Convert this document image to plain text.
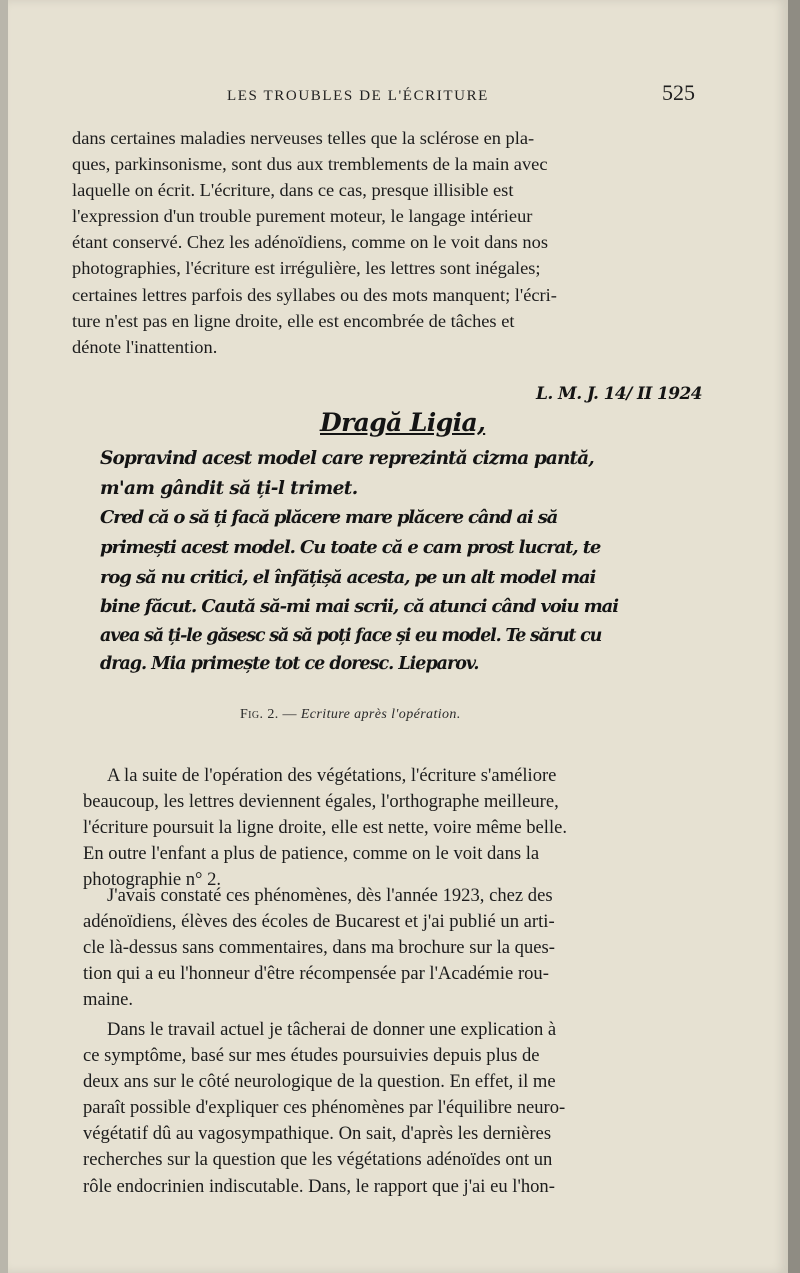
LES TROUBLES DE L'ÉCRITURE	525

dans certaines maladies nerveuses telles que la sclérose en pla-
ques, parkinsonisme, sont dus aux tremblements de la main avec
laquelle on écrit. L'écriture, dans ce cas, presque illisible est
l'expression d'un trouble purement moteur, le langage intérieur
étant conservé. Chez les adénoïdiens, comme on le voit dans nos
photographies, l'écriture est irrégulière, les lettres sont inégales;
certaines lettres parfois des syllabes ou des mots manquent; l'écri-
ture n'est pas en ligne droite, elle est encombrée de tâches et
dénote l'inattention.

L. M. J. 14/ II 1924
Dragă Ligia,
Sopravind acest model care reprezintă cizma pantă,
m'am gândit să ți-l trimet.
Cred că o să ți facă plăcere mare plăcere când ai să
primești acest model. Cu toate că e cam prost lucrat, te
rog să nu critici, el înfățișă acesta, pe un alt model mai
bine făcut. Caută să-mi mai scrii, că atunci când voiu mai
avea să ți-le găsesc să să poți face și eu model. Te sărut cu
drag. Mia primește tot ce doresc. Lieparov.
Fig. 2. — Ecriture après l'opération.

A la suite de l'opération des végétations, l'écriture s'améliore
beaucoup, les lettres deviennent égales, l'orthographe meilleure,
l'écriture poursuit la ligne droite, elle est nette, voire même belle.
En outre l'enfant a plus de patience, comme on le voit dans la
photographie n° 2.

J'avais constaté ces phénomènes, dès l'année 1923, chez des
adénoïdiens, élèves des écoles de Bucarest et j'ai publié un arti-
cle là-dessus sans commentaires, dans ma brochure sur la ques-
tion qui a eu l'honneur d'être récompensée par l'Académie rou-
maine.

Dans le travail actuel je tâcherai de donner une explication à
ce symptôme, basé sur mes études poursuivies depuis plus de
deux ans sur le côté neurologique de la question. En effet, il me
paraît possible d'expliquer ces phénomènes par l'équilibre neuro-
végétatif dû au vagosympathique. On sait, d'après les dernières
recherches sur la question que les végétations adénoïdes ont un
rôle endocrinien indiscutable. Dans, le rapport que j'ai eu l'hon-
